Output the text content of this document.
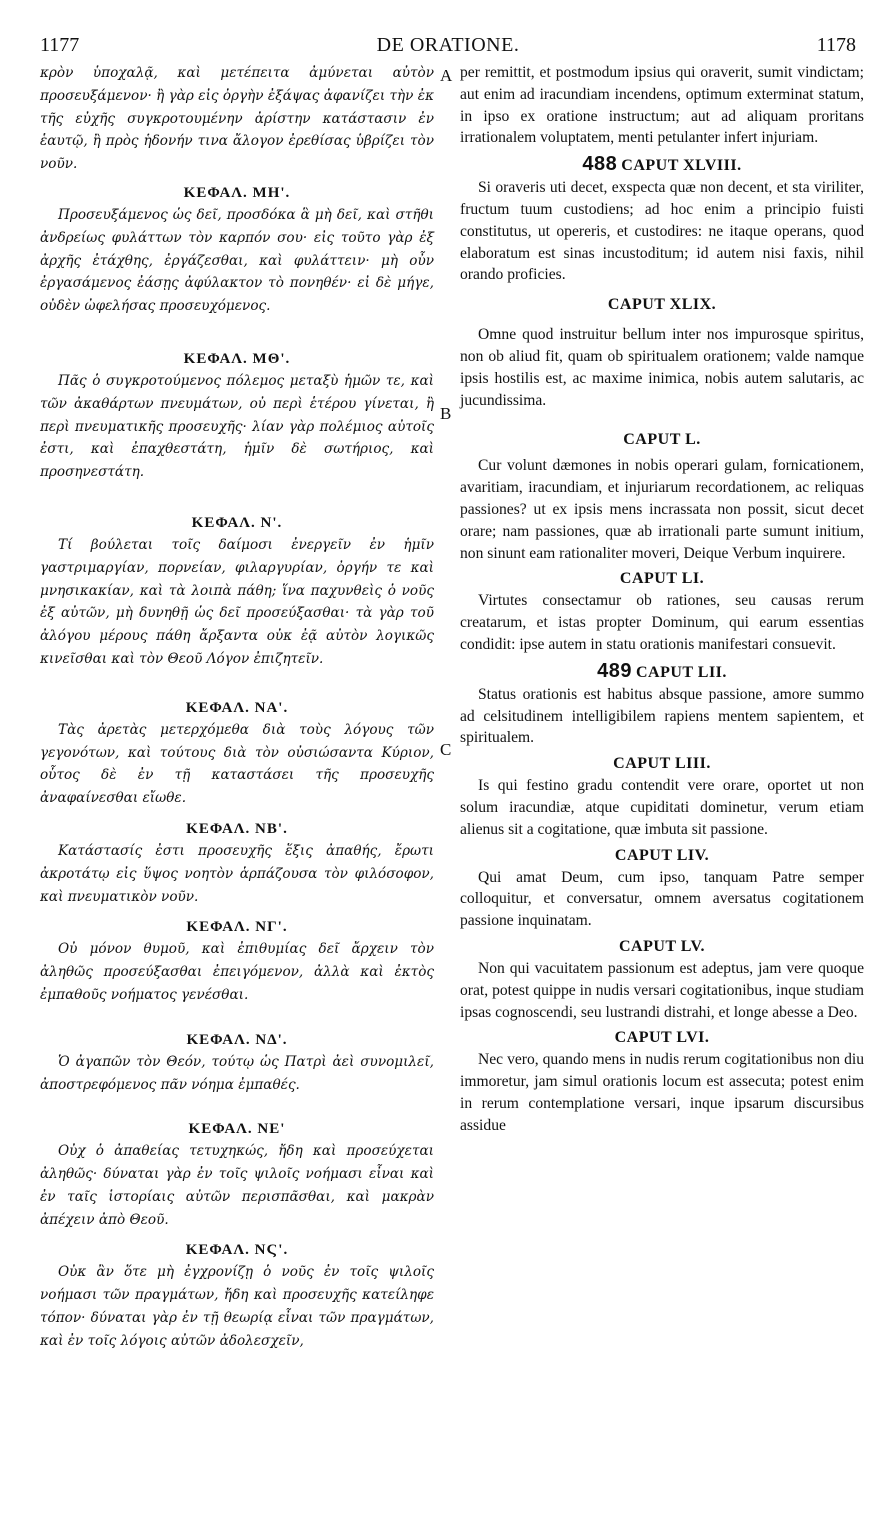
1177	DE ORATIONE.	1178
A
B
C

κρὸν ὑποχαλᾷ, καὶ μετέπειτα ἀμύνεται αὐτὸν προσευξάμενον· ἢ γὰρ εἰς ὀργὴν ἐξάψας ἀφανίζει τὴν ἐκ τῆς εὐχῆς συγκροτουμένην ἀρίστην κατάστασιν ἐν ἑαυτῷ, ἢ πρὸς ἡδονήν τινα ἄλογον ἐρεθίσας ὑβρίζει τὸν νοῦν.

ΚΕΦΑΛ. ΜΗ'.

Προσευξάμενος ὡς δεῖ, προσδόκα ἃ μὴ δεῖ, καὶ στῆθι ἀνδρείως φυλάττων τὸν καρπόν σου· εἰς τοῦτο γὰρ ἐξ ἀρχῆς ἐτάχθης, ἐργάζεσθαι, καὶ φυλάττειν· μὴ οὖν ἐργασάμενος ἐάσῃς ἀφύλακτον τὸ πονηθέν· εἰ δὲ μήγε, οὐδὲν ὠφελήσας προσευχόμενος.

ΚΕΦΑΛ. ΜΘ'.

Πᾶς ὁ συγκροτούμενος πόλεμος μεταξὺ ἡμῶν τε, καὶ τῶν ἀκαθάρτων πνευμάτων, οὐ περὶ ἑτέρου γίνεται, ἢ περὶ πνευματικῆς προσευχῆς· λίαν γὰρ πολέμιος αὐτοῖς ἐστι, καὶ ἐπαχθεστάτη, ἡμῖν δὲ σωτήριος, καὶ προσηνεστάτη.

ΚΕΦΑΛ. Ν'.

Τί βούλεται τοῖς δαίμοσι ἐνεργεῖν ἐν ἡμῖν γαστριμαργίαν, πορνείαν, φιλαργυρίαν, ὀργήν τε καὶ μνησικακίαν, καὶ τὰ λοιπὰ πάθη; ἵνα παχυνθεὶς ὁ νοῦς ἐξ αὐτῶν, μὴ δυνηθῇ ὡς δεῖ προσεύξασθαι· τὰ γὰρ τοῦ ἀλόγου μέρους πάθη ἄρξαντα οὐκ ἐᾷ αὐτὸν λογικῶς κινεῖσθαι καὶ τὸν Θεοῦ Λόγον ἐπιζητεῖν.

ΚΕΦΑΛ. ΝΑ'.

Τὰς ἀρετὰς μετερχόμεθα διὰ τοὺς λόγους τῶν γεγονότων, καὶ τούτους διὰ τὸν οὐσιώσαντα Κύριον, οὗτος δὲ ἐν τῇ καταστάσει τῆς προσευχῆς ἀναφαίνεσθαι εἴωθε.

ΚΕΦΑΛ. ΝΒ'.

Κατάστασίς ἐστι προσευχῆς ἕξις ἀπαθής, ἔρωτι ἀκροτάτῳ εἰς ὕψος νοητὸν ἁρπάζουσα τὸν φιλόσοφον, καὶ πνευματικὸν νοῦν.

ΚΕΦΑΛ. ΝΓ'.

Οὐ μόνον θυμοῦ, καὶ ἐπιθυμίας δεῖ ἄρχειν τὸν ἀληθῶς προσεύξασθαι ἐπειγόμενον, ἀλλὰ καὶ ἐκτὸς ἐμπαθοῦς νοήματος γενέσθαι.

ΚΕΦΑΛ. ΝΔ'.

Ὁ ἀγαπῶν τὸν Θεόν, τούτῳ ὡς Πατρὶ ἀεὶ συνομιλεῖ, ἀποστρεφόμενος πᾶν νόημα ἐμπαθές.

ΚΕΦΑΛ. ΝΕ'

Οὐχ ὁ ἀπαθείας τετυχηκώς, ἤδη καὶ προσεύχεται ἀληθῶς· δύναται γὰρ ἐν τοῖς ψιλοῖς νοήμασι εἶναι καὶ ἐν ταῖς ἱστορίαις αὐτῶν περισπᾶσθαι, καὶ μακρὰν ἀπέχειν ἀπὸ Θεοῦ.

ΚΕΦΑΛ. ΝϚ'.

Οὐκ ἂν ὅτε μὴ ἐγχρονίζῃ ὁ νοῦς ἐν τοῖς ψιλοῖς νοήμασι τῶν πραγμάτων, ἤδη καὶ προσευχῆς κατείληφε τόπον· δύναται γὰρ ἐν τῇ θεωρίᾳ εἶναι τῶν πραγμάτων, καὶ ἐν τοῖς λόγοις αὐτῶν ἀδολεσχεῖν,

per remittit, et postmodum ipsius qui oraverit, sumit vindictam; aut enim ad iracundiam incendens, optimum exterminat statum, in ipso ex oratione instructum; aut ad aliquam proritans irrationalem voluptatem, menti petulanter infert injuriam.

488 CAPUT XLVIII.

Si oraveris uti decet, exspecta quæ non decent, et sta viriliter, fructum tuum custodiens; ad hoc enim a principio fuisti constitutus, ut opereris, et custodires: ne itaque operans, quod elaboratum est sinas incustoditum; id autem nisi faxis, nihil orando proficies.

CAPUT XLIX.

Omne quod instruitur bellum inter nos impurosque spiritus, non ob aliud fit, quam ob spiritualem orationem; valde namque ipsis hostilis est, ac maxime inimica, nobis autem salutaris, ac jucundissima.

CAPUT L.

Cur volunt dæmones in nobis operari gulam, fornicationem, avaritiam, iracundiam, et injuriarum recordationem, ac reliquas passiones? ut ex ipsis mens incrassata non possit, sicut decet orare; nam passiones, quæ ab irrationali parte sumunt initium, non sinunt eam rationaliter moveri, Deique Verbum inquirere.

CAPUT LI.

Virtutes consectamur ob rationes, seu causas rerum creatarum, et istas propter Dominum, qui earum essentias condidit: ipse autem in statu orationis manifestari consuevit.

489 CAPUT LII.

Status orationis est habitus absque passione, amore summo ad celsitudinem intelligibilem rapiens mentem sapientem, et spiritualem.

CAPUT LIII.

Is qui festino gradu contendit vere orare, oportet ut non solum iracundiæ, atque cupiditati dominetur, verum etiam alienus sit a cogitatione, quæ imbuta sit passione.

CAPUT LIV.

Qui amat Deum, cum ipso, tanquam Patre semper colloquitur, et conversatur, omnem aversatus cogitationem passione inquinatam.

CAPUT LV.

Non qui vacuitatem passionum est adeptus, jam vere quoque orat, potest quippe in nudis versari cogitationibus, inque studiam ipsas cognoscendi, seu lustrandi distrahi, et longe abesse a Deo.

CAPUT LVI.

Nec vero, quando mens in nudis rerum cogitationibus non diu immoretur, jam simul orationis locum est assecuta; potest enim in rerum contemplatione versari, inque ipsarum discursibus assidue
